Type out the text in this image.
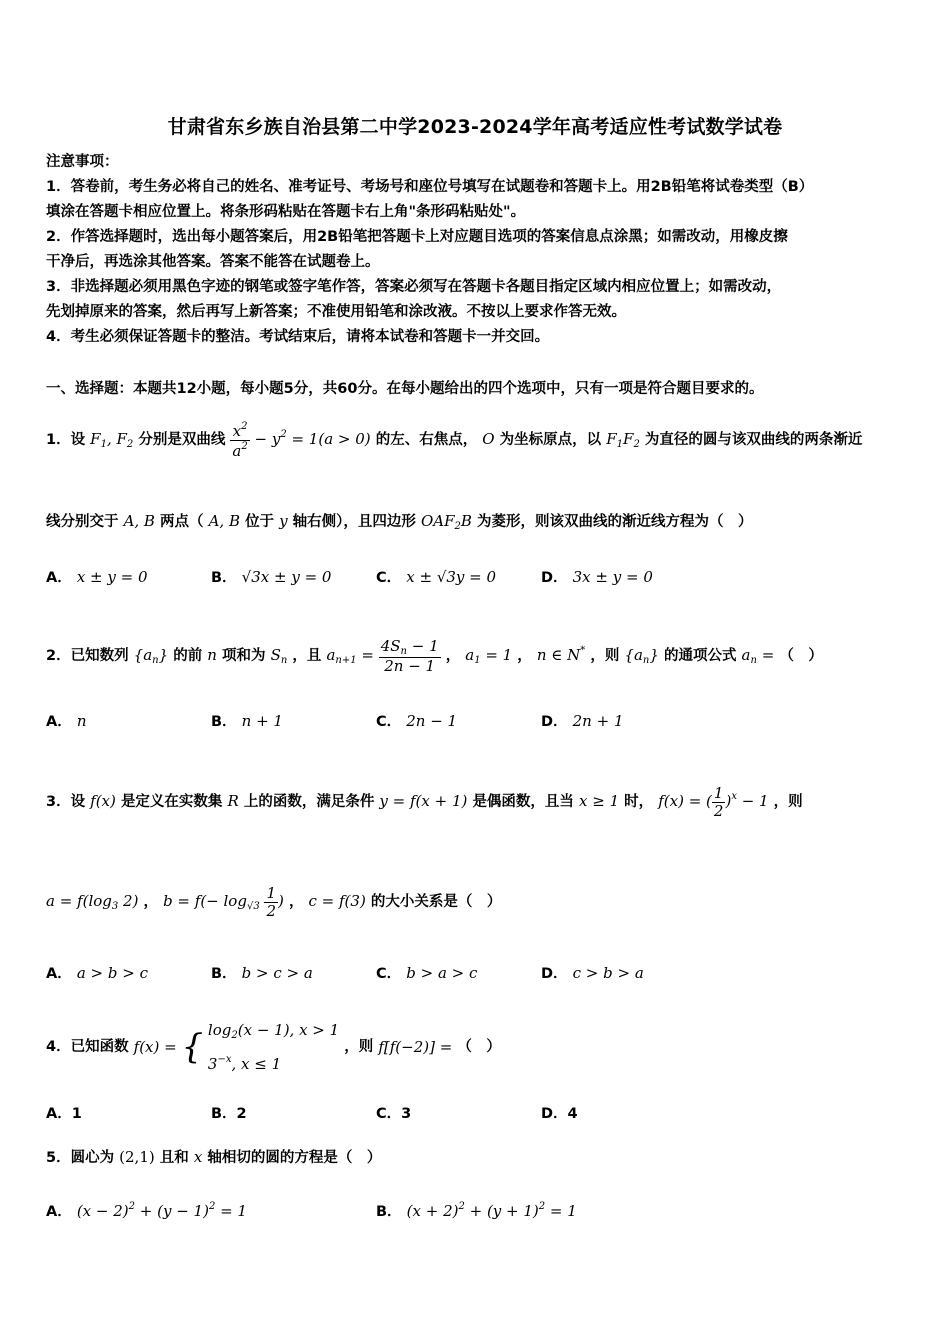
甘肃省东乡族自治县第二中学2023-2024学年高考适应性考试数学试卷
注意事项：
1．答卷前，考生务必将自己的姓名、准考证号、考场号和座位号填写在试题卷和答题卡上。用2B铅笔将试卷类型（B）
填涂在答题卡相应位置上。将条形码粘贴在答题卡右上角"条形码粘贴处"。
2．作答选择题时，选出每小题答案后，用2B铅笔把答题卡上对应题目选项的答案信息点涂黑；如需改动，用橡皮擦
干净后，再选涂其他答案。答案不能答在试题卷上。
3．非选择题必须用黑色字迹的钢笔或签字笔作答，答案必须写在答题卡各题目指定区域内相应位置上；如需改动，
先划掉原来的答案，然后再写上新答案；不准使用铅笔和涂改液。不按以上要求作答无效。
4．考生必须保证答题卡的整洁。考试结束后，请将本试卷和答题卡一并交回。
一、选择题：本题共12小题，每小题5分，共60分。在每小题给出的四个选项中，只有一项是符合题目要求的。
1．设 $F_1$, $F_2$ 分别是双曲线 $\frac{x^2}{a^2} - y^2 = 1(a > 0)$ 的左、右焦点， O 为坐标原点，以 $F_1F_2$ 为直径的圆与该双曲线的两条渐近
线分别交于 A, B 两点（ A, B 位于 y 轴右侧），且四边形 $OAF_2B$ 为菱形，则该双曲线的渐近线方程为（　）
A． x ± y = 0	B． √3x ± y = 0	C． x ± √3y = 0	D． 3x ± y = 0
2．已知数列 $\{a_n\}$ 的前 n 项和为 $S_n$ ，且 $a_{n+1} = \frac{4S_n - 1}{2n - 1}$ ， $a_1 = 1$ ， n ∈ N* ，则 $\{a_n\}$ 的通项公式 $a_n$ = （　）
A． n	B． n + 1	C． 2n − 1	D． 2n + 1
3．设 f(x) 是定义在实数集 R 上的函数，满足条件 y = f(x + 1) 是偶函数，且当 x ≥ 1 时， f(x) = ( $\frac{1}{2} )^x - 1$ ，则
$a = f(\log_3$ 2) ， $b = f(- \log_{√3} \frac{1}{2}$ ) ， c = f(3) 的大小关系是（　）
A． a > b > c	B． b > c > a	C． b > a > c	D． c > b > a
4．已知函数 f(x) = { $\log_2(x - 1)$, x > 1
$3^{-x}$, x ≤ 1
，则 f[f(−2)] = （　）
A．1	B．2	C．3	D．4
5．圆心为 (2,1) 且和 x 轴相切的圆的方程是（　）
A． $(x - 2)^2 + (y - 1)^2 = 1$	B． $(x + 2)^2 + (y + 1)^2 = 1$
